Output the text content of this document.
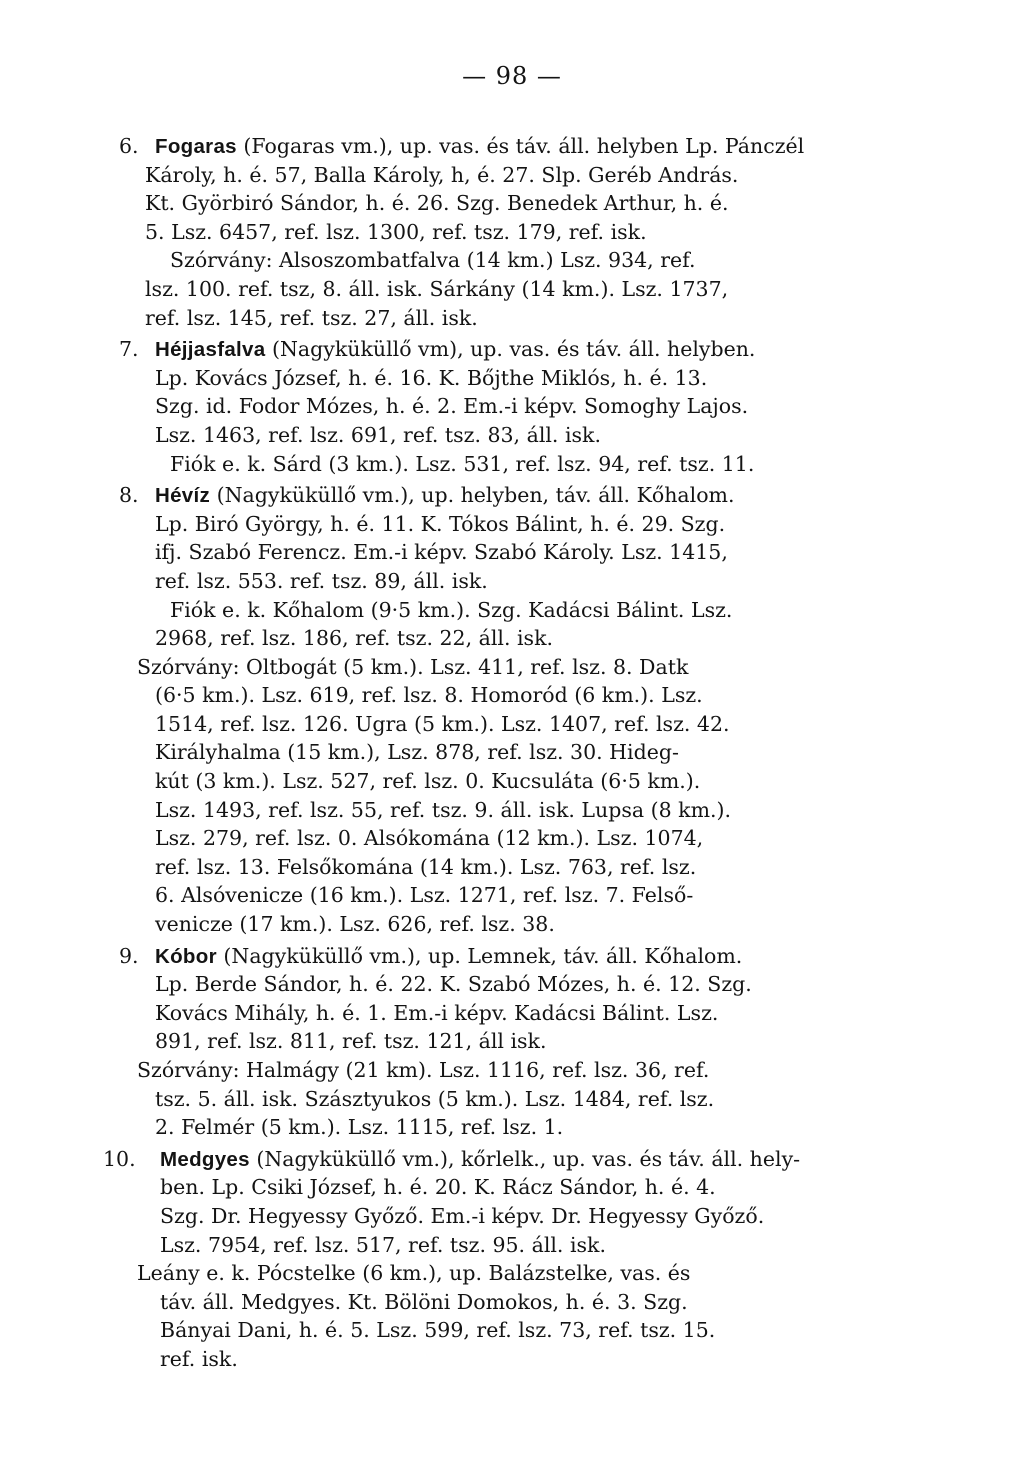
— 98 —
6. Fogaras (Fogaras vm.), up. vas. és táv. áll. helyben Lp. Pánczél
Károly, h. é. 57, Balla Károly, h, é. 27. Slp. Geréb András.
Kt. Györbiró Sándor, h. é. 26. Szg. Benedek Arthur, h. é.
5. Lsz. 6457, ref. lsz. 1300, ref. tsz. 179, ref. isk.
Szórvány: Alsoszombatfalva (14 km.) Lsz. 934, ref.
lsz. 100. ref. tsz, 8. áll. isk. Sárkány (14 km.). Lsz. 1737,
ref. lsz. 145, ref. tsz. 27, áll. isk.
7. Héjjasfalva (Nagyküküllő vm), up. vas. és táv. áll. helyben.
Lp. Kovács József, h. é. 16. K. Bőjthe Miklós, h. é. 13.
Szg. id. Fodor Mózes, h. é. 2. Em.-i képv. Somoghy Lajos.
Lsz. 1463, ref. lsz. 691, ref. tsz. 83, áll. isk.
Fiók e. k. Sárd (3 km.). Lsz. 531, ref. lsz. 94, ref. tsz. 11.
8. Hévíz (Nagyküküllő vm.), up. helyben, táv. áll. Kőhalom.
Lp. Biró György, h. é. 11. K. Tókos Bálint, h. é. 29. Szg.
ifj. Szabó Ferencz. Em.-i képv. Szabó Károly. Lsz. 1415,
ref. lsz. 553. ref. tsz. 89, áll. isk.
Fiók e. k. Kőhalom (9·5 km.). Szg. Kadácsi Bálint. Lsz.
2968, ref. lsz. 186, ref. tsz. 22, áll. isk.
Szórvány: Oltbogát (5 km.). Lsz. 411, ref. lsz. 8. Datk
(6·5 km.). Lsz. 619, ref. lsz. 8. Homoród (6 km.). Lsz.
1514, ref. lsz. 126. Ugra (5 km.). Lsz. 1407, ref. lsz. 42.
Királyhalma (15 km.), Lsz. 878, ref. lsz. 30. Hideg-
kút (3 km.). Lsz. 527, ref. lsz. 0. Kucsuláta (6·5 km.).
Lsz. 1493, ref. lsz. 55, ref. tsz. 9. áll. isk. Lupsa (8 km.).
Lsz. 279, ref. lsz. 0. Alsókomána (12 km.). Lsz. 1074,
ref. lsz. 13. Felsőkomána (14 km.). Lsz. 763, ref. lsz.
6. Alsóvenicze (16 km.). Lsz. 1271, ref. lsz. 7. Felső-
venicze (17 km.). Lsz. 626, ref. lsz. 38.
9. Kóbor (Nagyküküllő vm.), up. Lemnek, táv. áll. Kőhalom.
Lp. Berde Sándor, h. é. 22. K. Szabó Mózes, h. é. 12. Szg.
Kovács Mihály, h. é. 1. Em.-i képv. Kadácsi Bálint. Lsz.
891, ref. lsz. 811, ref. tsz. 121, áll isk.
Szórvány: Halmágy (21 km). Lsz. 1116, ref. lsz. 36, ref.
tsz. 5. áll. isk. Szásztyukos (5 km.). Lsz. 1484, ref. lsz.
2. Felmér (5 km.). Lsz. 1115, ref. lsz. 1.
10. Medgyes (Nagyküküllő vm.), kőrlelk., up. vas. és táv. áll. hely-
ben. Lp. Csiki József, h. é. 20. K. Rácz Sándor, h. é. 4.
Szg. Dr. Hegyessy Győző. Em.-i képv. Dr. Hegyessy Győző.
Lsz. 7954, ref. lsz. 517, ref. tsz. 95. áll. isk.
Leány e. k. Pócstelke (6 km.), up. Balázstelke, vas. és
táv. áll. Medgyes. Kt. Bölöni Domokos, h. é. 3. Szg.
Bányai Dani, h. é. 5. Lsz. 599, ref. lsz. 73, ref. tsz. 15.
ref. isk.
